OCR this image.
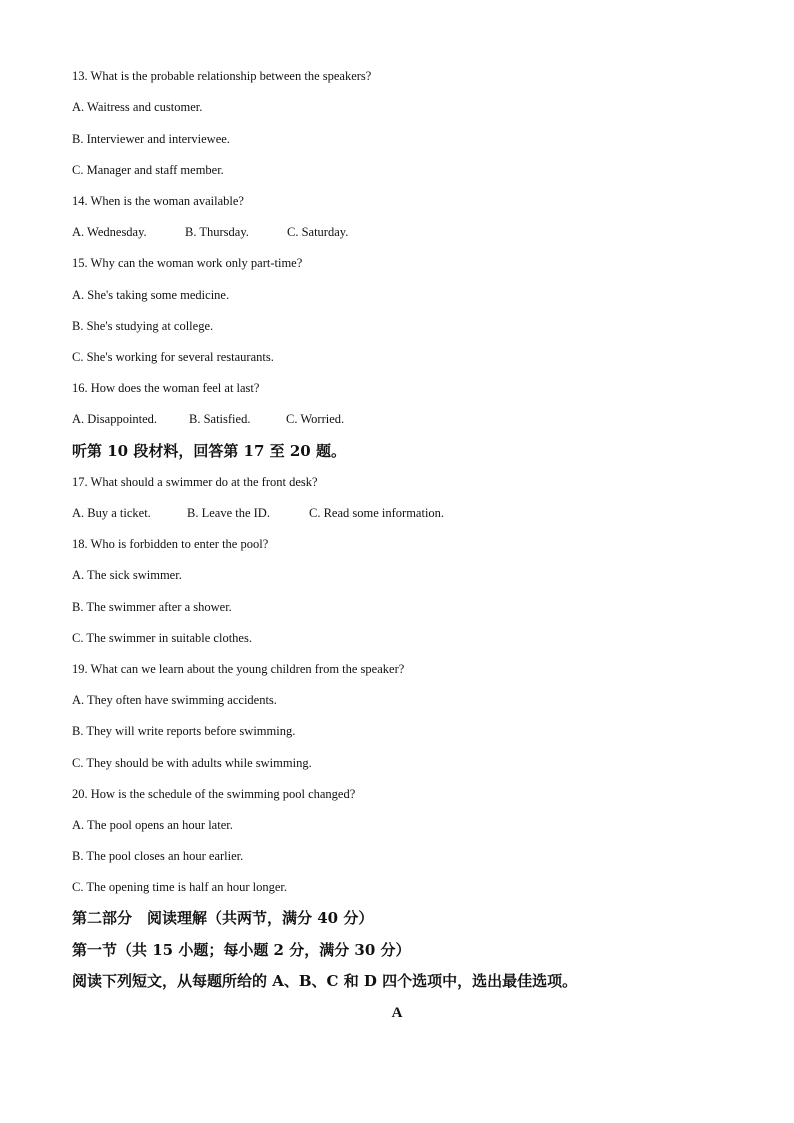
13. What is the probable relationship between the speakers?
A. Waitress and customer.
B. Interviewer and interviewee.
C. Manager and staff member.
14. When is the woman available?
A. Wednesday.	B. Thursday.	C. Saturday.
15. Why can the woman work only part-time?
A. She's taking some medicine.
B. She's studying at college.
C. She's working for several restaurants.
16. How does the woman feel at last?
A. Disappointed.	B. Satisfied.	C. Worried.
听第 10 段材料，回答第 17 至 20 题。
17. What should a swimmer do at the front desk?
A. Buy a ticket.	B. Leave the ID.	C. Read some information.
18. Who is forbidden to enter the pool?
A. The sick swimmer.
B. The swimmer after a shower.
C. The swimmer in suitable clothes.
19. What can we learn about the young children from the speaker?
A. They often have swimming accidents.
B. They will write reports before swimming.
C. They should be with adults while swimming.
20. How is the schedule of the swimming pool changed?
A. The pool opens an hour later.
B. The pool closes an hour earlier.
C. The opening time is half an hour longer.
第二部分　阅读理解（共两节，满分 40 分）
第一节（共 15 小题；每小题 2 分，满分 30 分）
阅读下列短文，从每题所给的 A、B、C 和 D 四个选项中，选出最佳选项。
A
